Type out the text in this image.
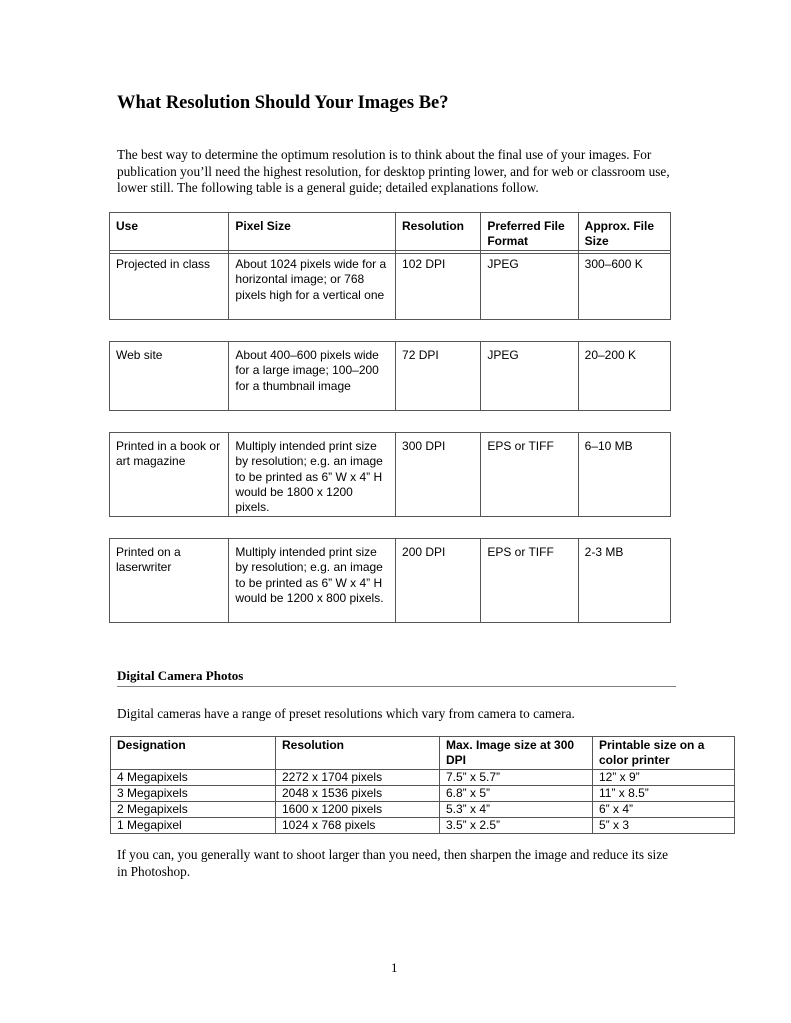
What Resolution Should Your Images Be?

The best way to determine the optimum resolution is to think about the final use of your images. For publication you’ll need the highest resolution, for desktop printing lower, and for web or classroom use, lower still. The following table is a general guide; detailed explanations follow.

Use	Pixel Size	Resolution	Preferred File Format	Approx. File Size
Projected in class	About 1024 pixels wide for a horizontal image; or 768 pixels high for a vertical one	102 DPI	JPEG	300–600 K
Web site	About 400–600 pixels wide for a large image; 100–200 for a thumbnail image	72 DPI	JPEG	20–200 K
Printed in a book or art magazine	Multiply intended print size by resolution; e.g. an image to be printed as 6” W x 4” H would be 1800 x 1200 pixels.	300 DPI	EPS or TIFF	6–10 MB
Printed on a laserwriter	Multiply intended print size by resolution; e.g. an image to be printed as 6” W x 4” H would be 1200 x 800 pixels.	200 DPI	EPS or TIFF	2-3 MB
Digital Camera Photos

Digital cameras have a range of preset resolutions which vary from camera to camera.

Designation	Resolution	Max. Image size at 300 DPI	Printable size on a color printer
4 Megapixels	2272 x 1704 pixels	7.5” x 5.7”	12” x 9”
3 Megapixels	2048 x 1536 pixels	6.8” x 5”	11” x 8.5”
2 Megapixels	1600 x 1200 pixels	5.3” x 4”	6” x 4”
1 Megapixel	1024 x 768 pixels	3.5” x 2.5”	5” x 3

If you can, you generally want to shoot larger than you need, then sharpen the image and reduce its size in Photoshop.

1
